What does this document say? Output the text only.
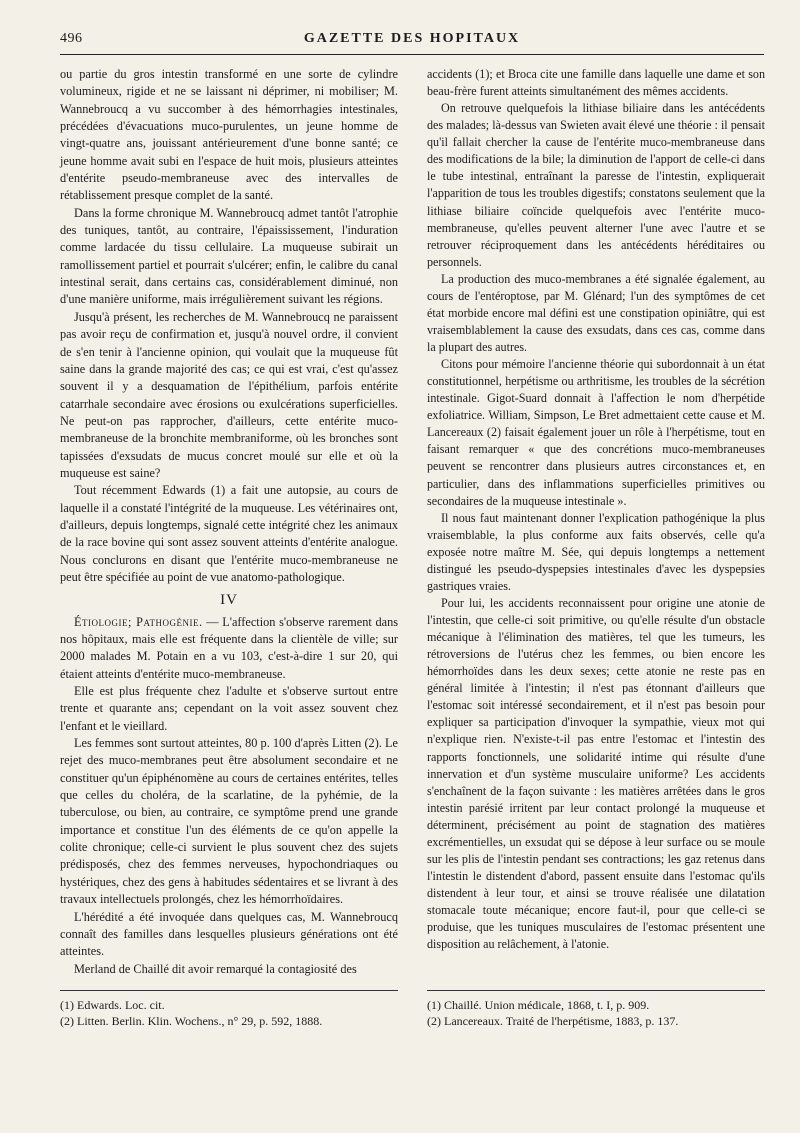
496	GAZETTE DES HOPITAUX

ou partie du gros intestin transformé en une sorte de cylindre volumineux, rigide et ne se laissant ni déprimer, ni mobiliser; M. Wannebroucq a vu succomber à des hémorrhagies intestinales, précédées d'évacuations muco-purulentes, un jeune homme de vingt-quatre ans, jouissant antérieurement d'une bonne santé; ce jeune homme avait subi en l'espace de huit mois, plusieurs atteintes d'entérite pseudo-membraneuse avec des intervalles de rétablissement presque complet de la santé.

Dans la forme chronique M. Wannebroucq admet tantôt l'atrophie des tuniques, tantôt, au contraire, l'épaississement, l'induration comme lardacée du tissu cellulaire. La muqueuse subirait un ramollissement partiel et pourrait s'ulcérer; enfin, le calibre du canal intestinal serait, dans certains cas, considérablement diminué, non d'une manière uniforme, mais irrégulièrement suivant les régions.

Jusqu'à présent, les recherches de M. Wannebroucq ne paraissent pas avoir reçu de confirmation et, jusqu'à nouvel ordre, il convient de s'en tenir à l'ancienne opinion, qui voulait que la muqueuse fût saine dans la grande majorité des cas; ce qui est vrai, c'est qu'assez souvent il y a desquamation de l'épithélium, parfois entérite catarrhale secondaire avec érosions ou exulcérations superficielles. Ne peut-on pas rapprocher, d'ailleurs, cette entérite muco-membraneuse de la bronchite membraniforme, où les bronches sont tapissées d'exsudats de mucus concret moulé sur elle et où la muqueuse est saine?

Tout récemment Edwards (1) a fait une autopsie, au cours de laquelle il a constaté l'intégrité de la muqueuse. Les vétérinaires ont, d'ailleurs, depuis longtemps, signalé cette intégrité chez les animaux de la race bovine qui sont assez souvent atteints d'entérite analogue. Nous conclurons en disant que l'entérite muco-membraneuse ne peut être spécifiée au point de vue anatomo-pathologique.

IV

Étiologie; Pathogénie. — L'affection s'observe rarement dans nos hôpitaux, mais elle est fréquente dans la clientèle de ville; sur 2000 malades M. Potain en a vu 103, c'est-à-dire 1 sur 20, qui étaient atteints d'entérite muco-membraneuse.

Elle est plus fréquente chez l'adulte et s'observe surtout entre trente et quarante ans; cependant on la voit assez souvent chez l'enfant et le vieillard.

Les femmes sont surtout atteintes, 80 p. 100 d'après Litten (2). Le rejet des muco-membranes peut être absolument secondaire et ne constituer qu'un épiphénomène au cours de certaines entérites, telles que celles du choléra, de la scarlatine, de la pyhémie, de la tuberculose, ou bien, au contraire, ce symptôme prend une grande importance et constitue l'un des éléments de ce qu'on appelle la colite chronique; celle-ci survient le plus souvent chez des sujets prédisposés, chez des femmes nerveuses, hypochondriaques ou hystériques, chez des gens à habitudes sédentaires et se livrant à des travaux intellectuels prolongés, chez les hémorrhoïdaires.

L'hérédité a été invoquée dans quelques cas, M. Wannebroucq connaît des familles dans lesquelles plusieurs générations ont été atteintes.

Merland de Chaillé dit avoir remarqué la contagiosité des

accidents (1); et Broca cite une famille dans laquelle une dame et son beau-frère furent atteints simultanément des mêmes accidents.

On retrouve quelquefois la lithiase biliaire dans les antécédents des malades; là-dessus van Swieten avait élevé une théorie : il pensait qu'il fallait chercher la cause de l'entérite muco-membraneuse dans des modifications de la bile; la diminution de l'apport de celle-ci dans le tube intestinal, entraînant la paresse de l'intestin, expliquerait l'apparition de tous les troubles digestifs; constatons seulement que la lithiase biliaire coïncide quelquefois avec l'entérite muco-membraneuse, qu'elles peuvent alterner l'une avec l'autre et se retrouver réciproquement dans les antécédents héréditaires ou personnels.

La production des muco-membranes a été signalée également, au cours de l'entéroptose, par M. Glénard; l'un des symptômes de cet état morbide encore mal défini est une constipation opiniâtre, qui est vraisemblablement la cause des exsudats, dans ces cas, comme dans la plupart des autres.

Citons pour mémoire l'ancienne théorie qui subordonnait à un état constitutionnel, herpétisme ou arthritisme, les troubles de la sécrétion intestinale. Gigot-Suard donnait à l'affection le nom d'herpétide exfoliatrice. William, Simpson, Le Bret admettaient cette cause et M. Lancereaux (2) faisait également jouer un rôle à l'herpétisme, tout en faisant remarquer « que des concrétions muco-membraneuses peuvent se rencontrer dans plusieurs autres circonstances et, en particulier, dans des inflammations superficielles primitives ou secondaires de la muqueuse intestinale ».

Il nous faut maintenant donner l'explication pathogénique la plus vraisemblable, la plus conforme aux faits observés, celle qu'a exposée notre maître M. Sée, qui depuis longtemps a nettement distingué les pseudo-dyspepsies intestinales d'avec les dyspepsies gastriques vraies.

Pour lui, les accidents reconnaissent pour origine une atonie de l'intestin, que celle-ci soit primitive, ou qu'elle résulte d'un obstacle mécanique à l'élimination des matières, tel que les tumeurs, les rétroversions de l'utérus chez les femmes, ou bien encore les hémorrhoïdes dans les deux sexes; cette atonie ne reste pas en général limitée à l'intestin; il n'est pas étonnant d'ailleurs que l'estomac soit intéressé secondairement, et il n'est pas besoin pour expliquer sa participation d'invoquer la sympathie, vieux mot qui n'explique rien. N'existe-t-il pas entre l'estomac et l'intestin des rapports fonctionnels, une solidarité intime qui résulte d'une innervation et d'un système musculaire uniforme? Les accidents s'enchaînent de la façon suivante : les matières arrêtées dans le gros intestin parésié irritent par leur contact prolongé la muqueuse et déterminent, précisément au point de stagnation des matières excrémentielles, un exsudat qui se dépose à leur surface ou se moule sur les plis de l'intestin pendant ses contractions; les gaz retenus dans l'intestin le distendent d'abord, passent ensuite dans l'estomac qu'ils distendent à leur tour, et ainsi se trouve réalisée une dilatation stomacale toute mécanique; encore faut-il, pour que celle-ci se produise, que les tuniques musculaires de l'estomac présentent une disposition au relâchement, à l'atonie.

(1) Edwards. Loc. cit.
(2) Litten. Berlin. Klin. Wochens., n° 29, p. 592, 1888.
(1) Chaillé. Union médicale, 1868, t. I, p. 909.
(2) Lancereaux. Traité de l'herpétisme, 1883, p. 137.
